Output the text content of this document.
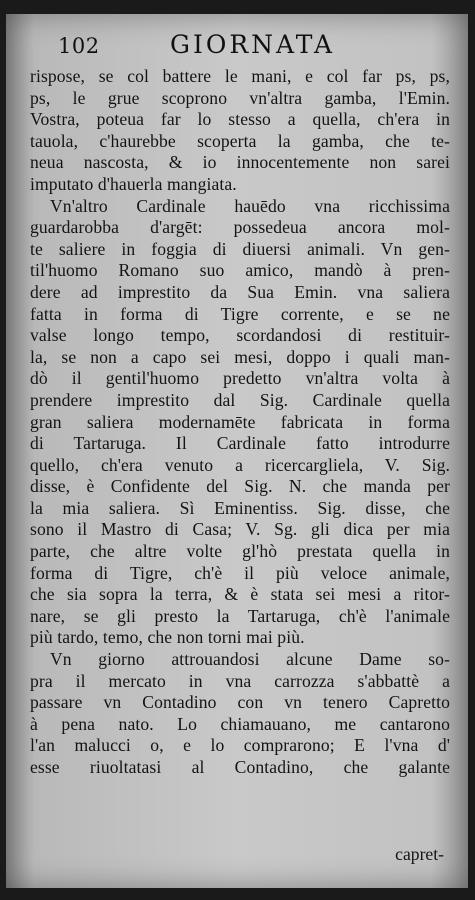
102	GIORNATA
rispose, se col battere le mani, e col far ps, ps,
ps, le grue scoprono vn'altra gamba, l'Emin.
Vostra, poteua far lo stesso a quella, ch'era in
tauola, c'haurebbe scoperta la gamba, che te-
neua nascosta, & io innocentemente non sarei
imputato d'hauerla mangiata.
Vn'altro Cardinale hauēdo vna ricchissima
guardarobba d'argēt: possedeua ancora mol-
te saliere in foggia di diuersi animali. Vn gen-
til'huomo Romano suo amico, mandò à pren-
dere ad imprestito da Sua Emin. vna saliera
fatta in forma di Tigre corrente, e se ne
valse longo tempo, scordandosi di restituir-
la, se non a capo sei mesi, doppo i quali man-
dò il gentil'huomo predetto vn'altra volta à
prendere imprestito dal Sig. Cardinale quella
gran saliera modernamēte fabricata in forma
di Tartaruga. Il Cardinale fatto introdurre
quello, ch'era venuto a ricercargliela, V. Sig.
disse, è Confidente del Sig. N. che manda per
la mia saliera. Sì Eminentiss. Sig. disse, che
sono il Mastro di Casa; V. Sg. gli dica per mia
parte, che altre volte gl'hò prestata quella in
forma di Tigre, ch'è il più veloce animale,
che sia sopra la terra, & è stata sei mesi a ritor-
nare, se gli presto la Tartaruga, ch'è l'animale
più tardo, temo, che non torni mai più.
Vn giorno attrouandosi alcune Dame so-
pra il mercato in vna carrozza s'abbattè a
passare vn Contadino con vn tenero Capretto
à pena nato. Lo chiamauano, me cantarono
l'an malucci o, e lo comprarono; E l'vna d'
esse riuoltatasi al Contadino, che galante
capret-
